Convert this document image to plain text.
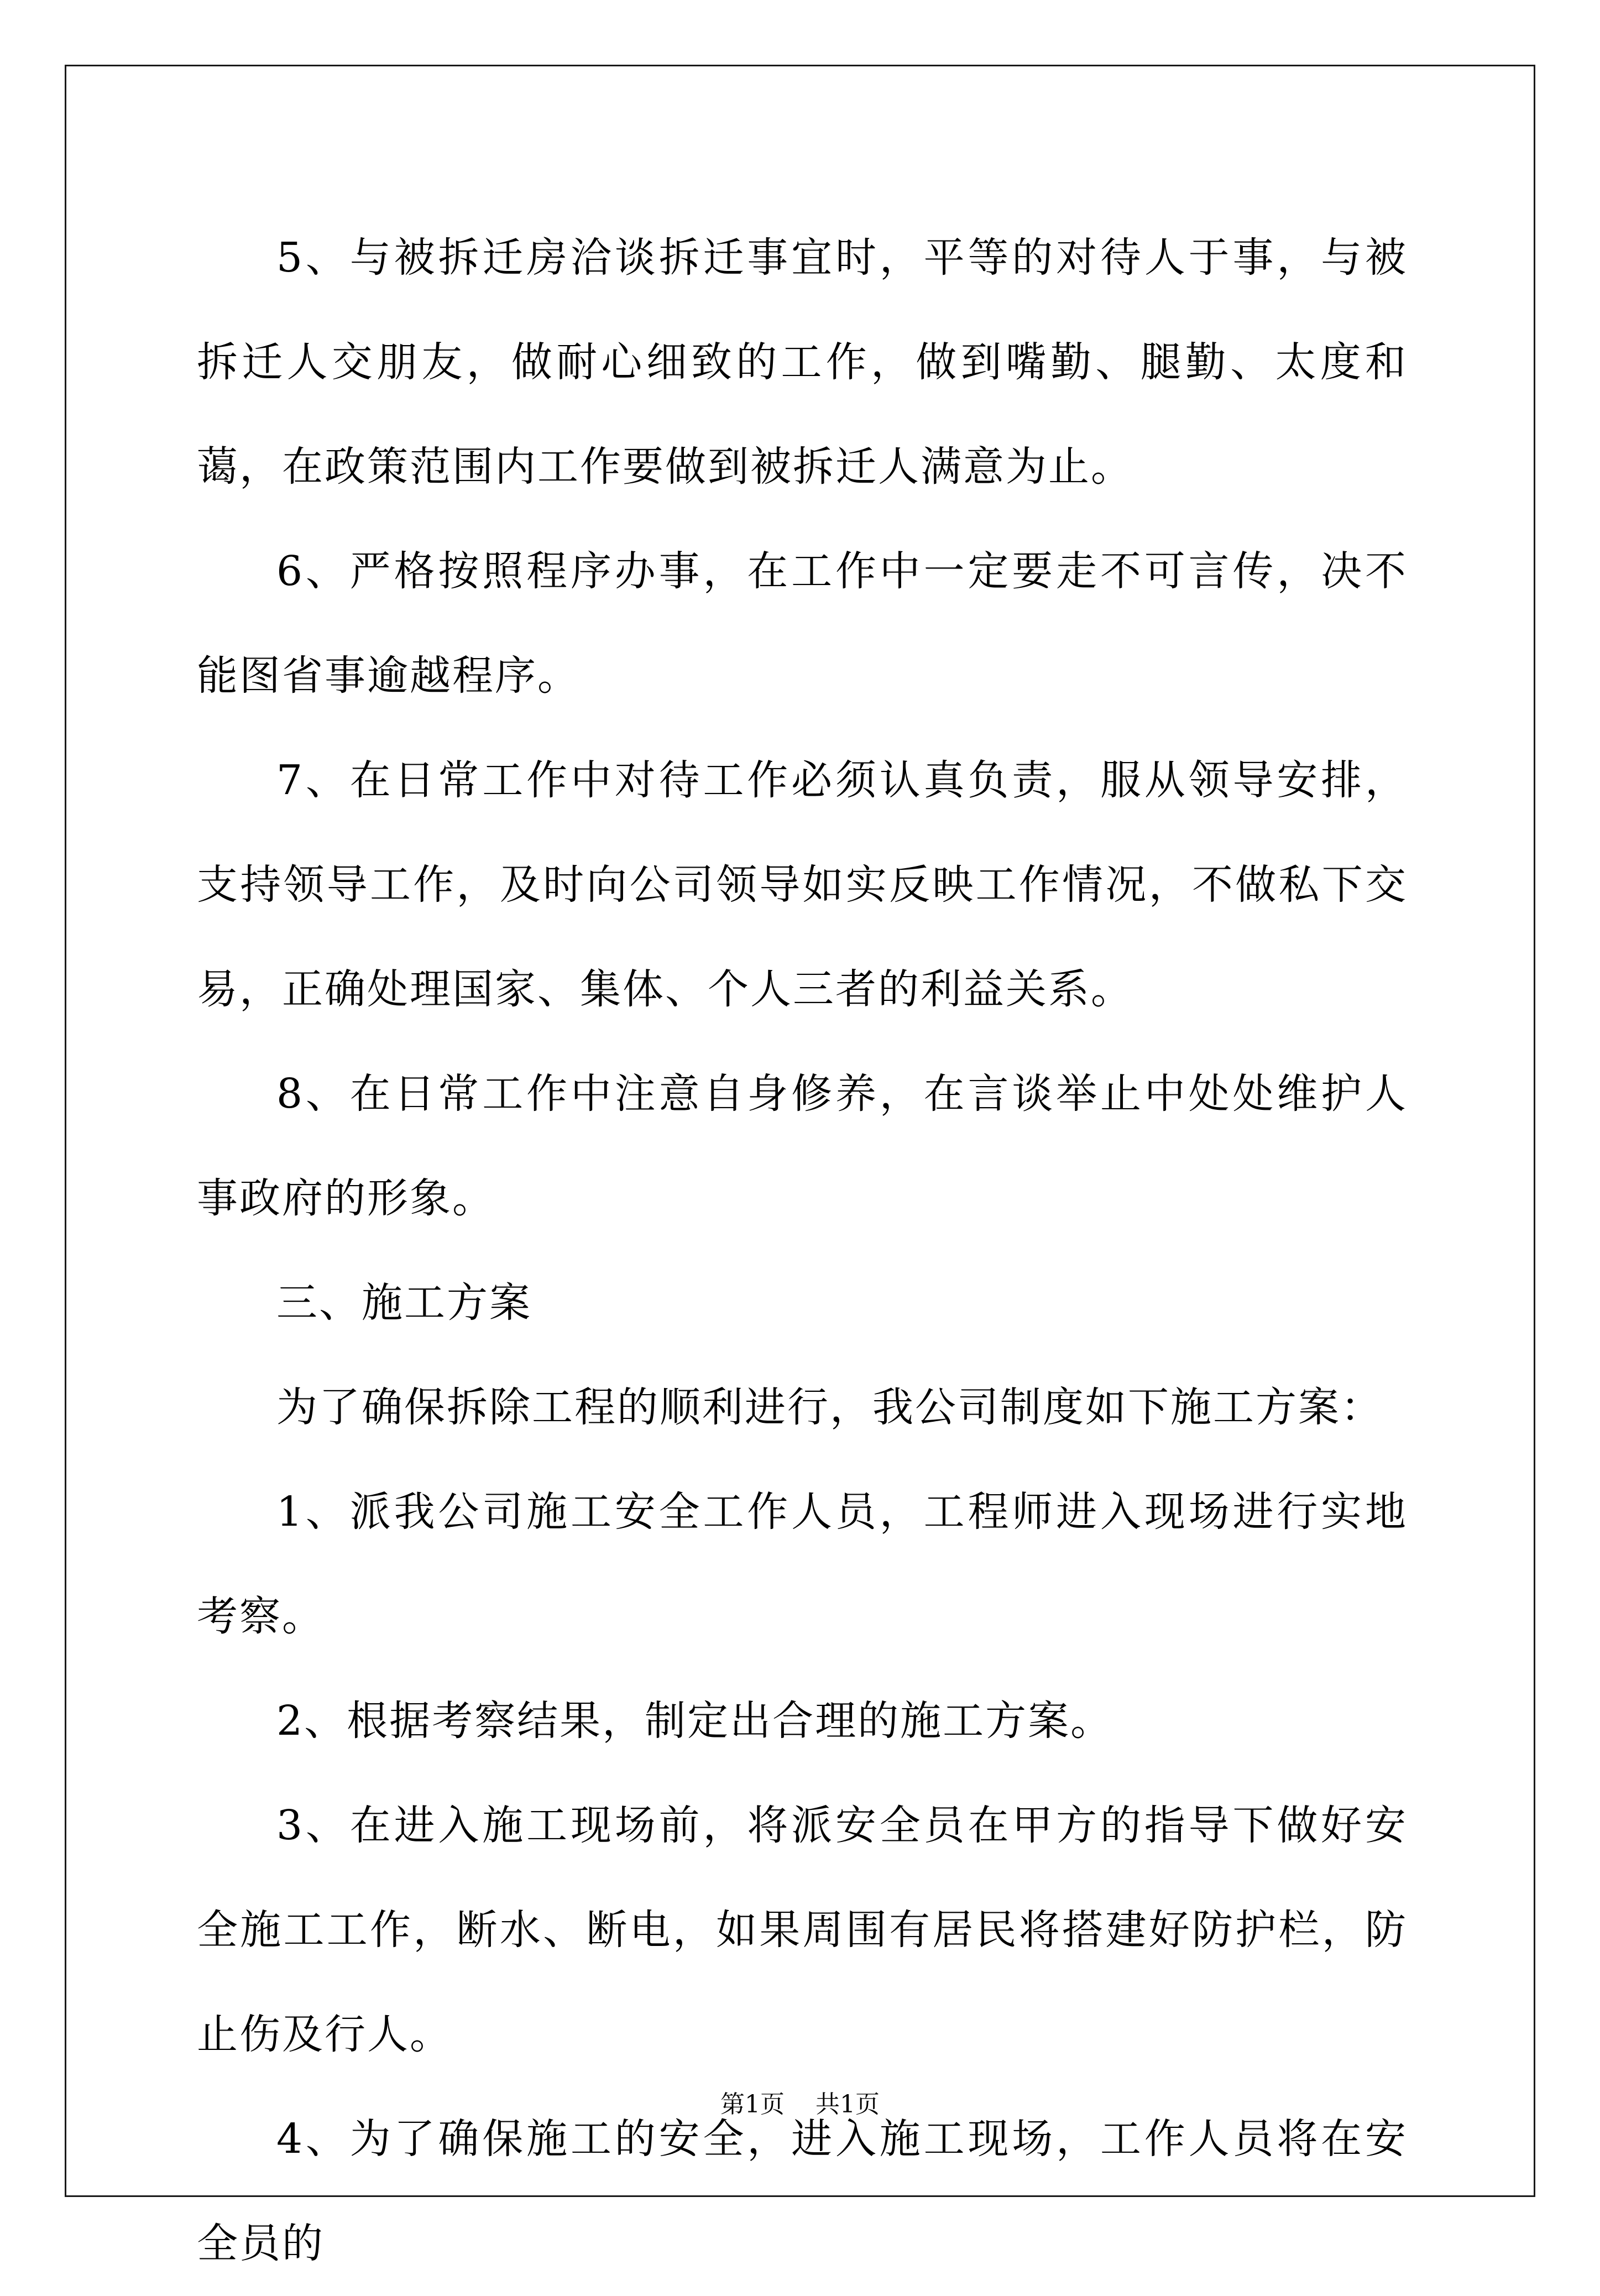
5、与被拆迁房洽谈拆迁事宜时，平等的对待人于事，与被拆迁人交朋友，做耐心细致的工作，做到嘴勤、腿勤、太度和蔼，在政策范围内工作要做到被拆迁人满意为止。

6、严格按照程序办事，在工作中一定要走不可言传，决不能图省事逾越程序。

7、在日常工作中对待工作必须认真负责，服从领导安排，支持领导工作，及时向公司领导如实反映工作情况，不做私下交易，正确处理国家、集体、个人三者的利益关系。

8、在日常工作中注意自身修养，在言谈举止中处处维护人事政府的形象。

三、施工方案

为了确保拆除工程的顺利进行，我公司制度如下施工方案：

1、派我公司施工安全工作人员，工程师进入现场进行实地考察。

2、根据考察结果，制定出合理的施工方案。

3、在进入施工现场前，将派安全员在甲方的指导下做好安全施工工作，断水、断电，如果周围有居民将搭建好防护栏，防止伤及行人。

4、为了确保施工的安全，进入施工现场，工作人员将在安全员的

第1页    共1页
